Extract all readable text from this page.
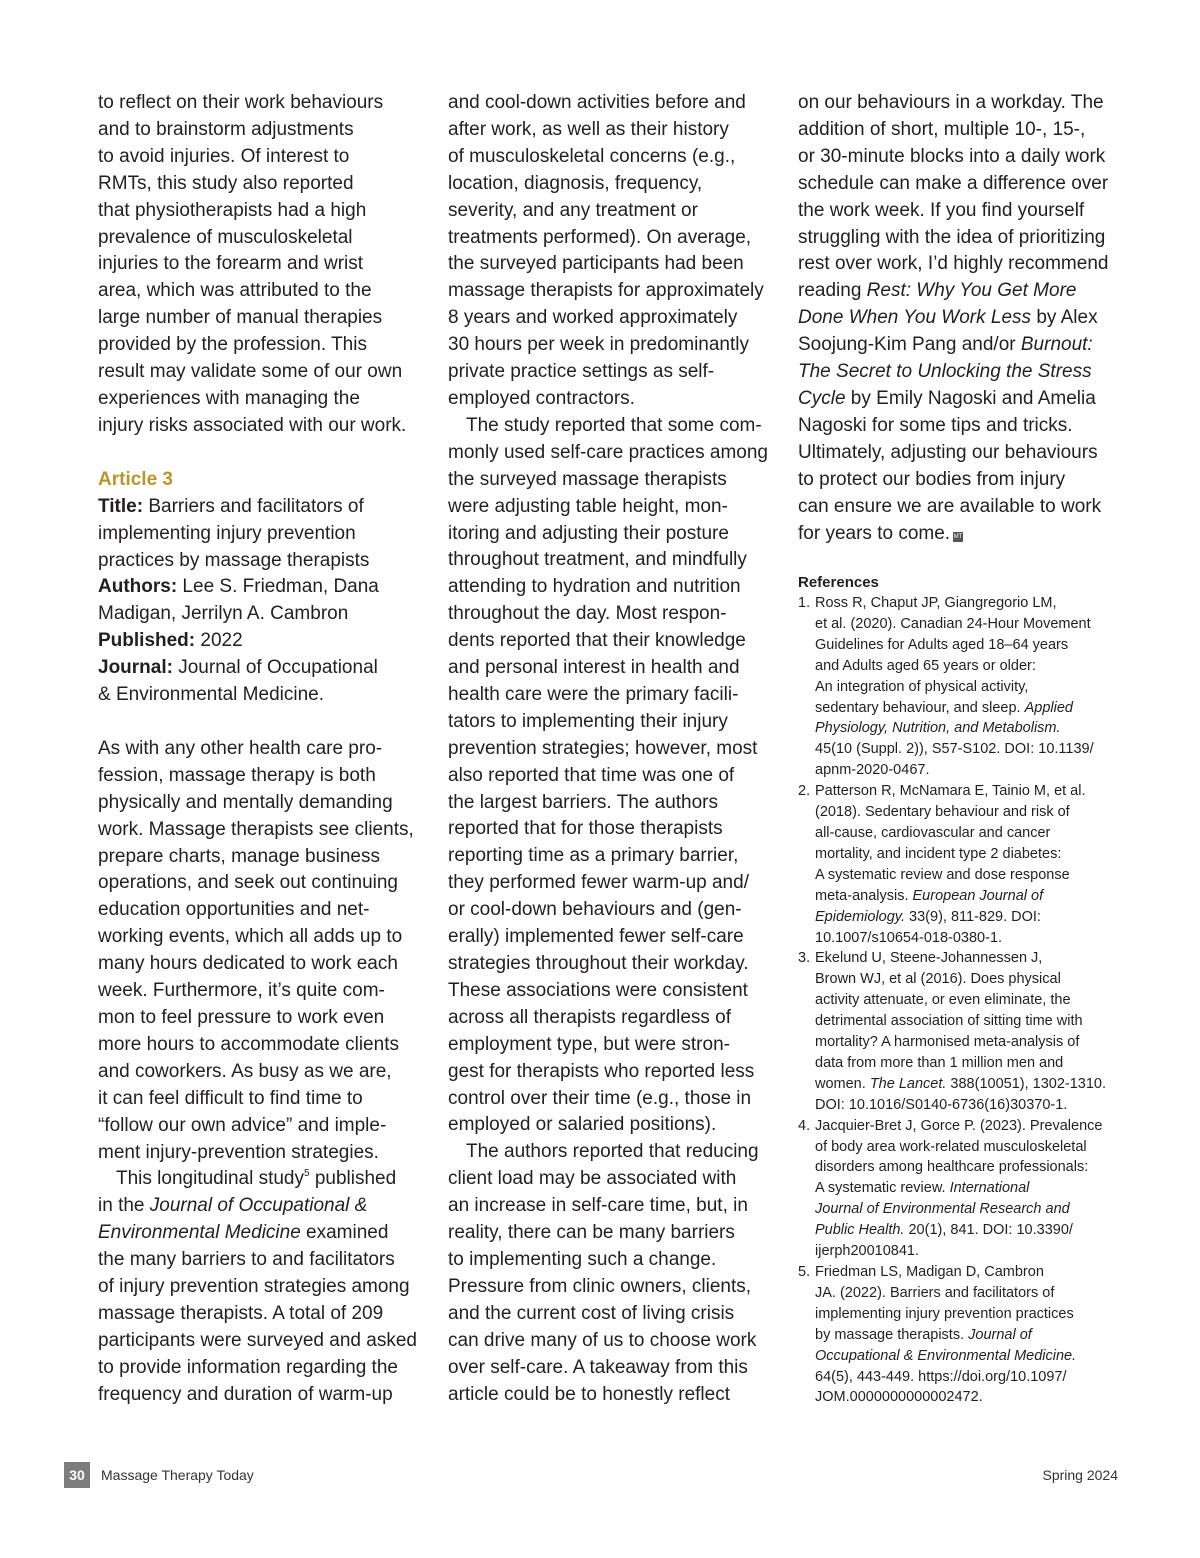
to reflect on their work behaviours
and to brainstorm adjustments
to avoid injuries. Of interest to
RMTs, this study also reported
that physiotherapists had a high
prevalence of musculoskeletal
injuries to the forearm and wrist
area, which was attributed to the
large number of manual therapies
provided by the profession. This
result may validate some of our own
experiences with managing the
injury risks associated with our work.

Article 3

Title: Barriers and facilitators of
implementing injury prevention
practices by massage therapists
Authors: Lee S. Friedman, Dana
Madigan, Jerrilyn A. Cambron
Published: 2022
Journal: Journal of Occupational
& Environmental Medicine.

As with any other health care pro-
fession, massage therapy is both
physically and mentally demanding
work. Massage therapists see clients,
prepare charts, manage business
operations, and seek out continuing
education opportunities and net-
working events, which all adds up to
many hours dedicated to work each
week. Furthermore, it’s quite com-
mon to feel pressure to work even
more hours to accommodate clients
and coworkers. As busy as we are,
it can feel difficult to find time to
“follow our own advice” and imple-
ment injury-prevention strategies.

This longitudinal study$^5$ published
in the Journal of Occupational &
Environmental Medicine examined
the many barriers to and facilitators
of injury prevention strategies among
massage therapists. A total of 209
participants were surveyed and asked
to provide information regarding the
frequency and duration of warm-up

and cool-down activities before and
after work, as well as their history
of musculoskeletal concerns (e.g.,
location, diagnosis, frequency,
severity, and any treatment or
treatments performed). On average,
the surveyed participants had been
massage therapists for approximately
8 years and worked approximately
30 hours per week in predominantly
private practice settings as self-
employed contractors.

The study reported that some com-
monly used self-care practices among
the surveyed massage therapists
were adjusting table height, mon-
itoring and adjusting their posture
throughout treatment, and mindfully
attending to hydration and nutrition
throughout the day. Most respon-
dents reported that their knowledge
and personal interest in health and
health care were the primary facili-
tators to implementing their injury
prevention strategies; however, most
also reported that time was one of
the largest barriers. The authors
reported that for those therapists
reporting time as a primary barrier,
they performed fewer warm-up and/
or cool-down behaviours and (gen-
erally) implemented fewer self-care
strategies throughout their workday.
These associations were consistent
across all therapists regardless of
employment type, but were stron-
gest for therapists who reported less
control over their time (e.g., those in
employed or salaried positions).

The authors reported that reducing
client load may be associated with
an increase in self-care time, but, in
reality, there can be many barriers
to implementing such a change.
Pressure from clinic owners, clients,
and the current cost of living crisis
can drive many of us to choose work
over self-care. A takeaway from this
article could be to honestly reflect

on our behaviours in a workday. The
addition of short, multiple 10-, 15-,
or 30-minute blocks into a daily work
schedule can make a difference over
the work week. If you find yourself
struggling with the idea of prioritizing
rest over work, I’d highly recommend
reading Rest: Why You Get More
Done When You Work Less by Alex
Soojung-Kim Pang and/or Burnout:
The Secret to Unlocking the Stress
Cycle by Emily Nagoski and Amelia
Nagoski for some tips and tricks.
Ultimately, adjusting our behaviours
to protect our bodies from injury
can ensure we are available to work
for years to come. MT

References
1. Ross R, Chaput JP, Giangregorio LM,
et al. (2020). Canadian 24-Hour Movement
Guidelines for Adults aged 18–64 years
and Adults aged 65 years or older:
An integration of physical activity,
sedentary behaviour, and sleep. Applied
Physiology, Nutrition, and Metabolism.
45(10 (Suppl. 2)), S57-S102. DOI: 10.1139/
apnm-2020-0467.
2. Patterson R, McNamara E, Tainio M, et al.
(2018). Sedentary behaviour and risk of
all-cause, cardiovascular and cancer
mortality, and incident type 2 diabetes:
A systematic review and dose response
meta-analysis. European Journal of
Epidemiology. 33(9), 811-829. DOI:
10.1007/s10654-018-0380-1.
3. Ekelund U, Steene-Johannessen J,
Brown WJ, et al (2016). Does physical
activity attenuate, or even eliminate, the
detrimental association of sitting time with
mortality? A harmonised meta-analysis of
data from more than 1 million men and
women. The Lancet. 388(10051), 1302-1310.
DOI: 10.1016/S0140-6736(16)30370-1.
4. Jacquier-Bret J, Gorce P. (2023). Prevalence
of body area work-related musculoskeletal
disorders among healthcare professionals:
A systematic review. International
Journal of Environmental Research and
Public Health. 20(1), 841. DOI: 10.3390/
ijerph20010841.
5. Friedman LS, Madigan D, Cambron
JA. (2022). Barriers and facilitators of
implementing injury prevention practices
by massage therapists. Journal of
Occupational & Environmental Medicine.
64(5), 443-449. https://doi.org/10.1097/
JOM.0000000000002472.
30	Massage Therapy Today	Spring 2024
